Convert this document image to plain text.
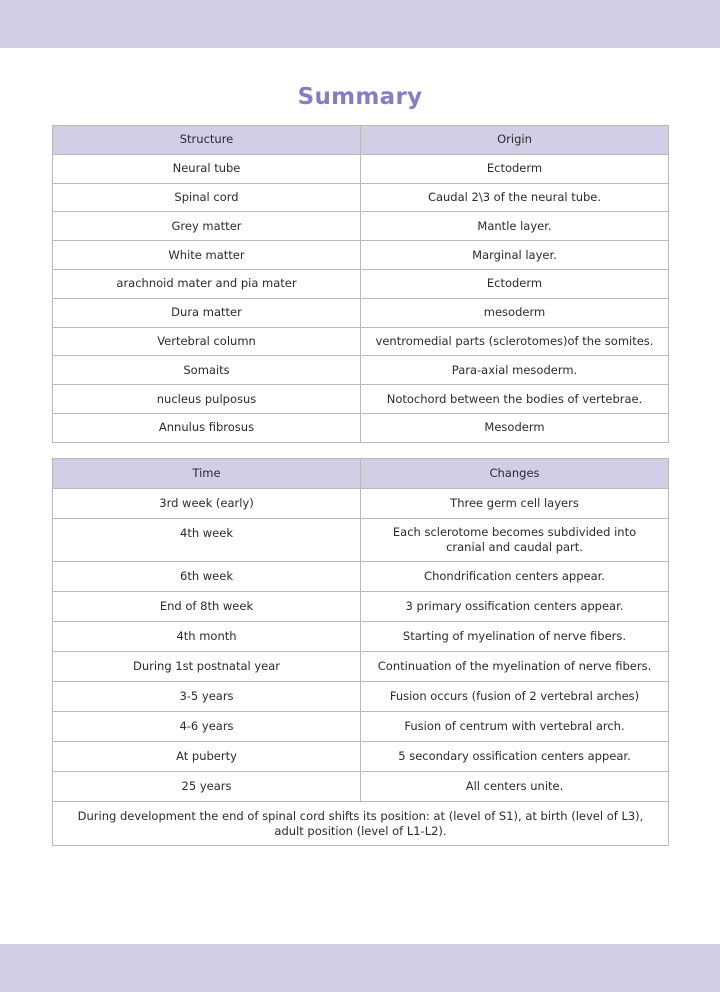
Summary
Structure	Origin
Neural tube	Ectoderm
Spinal cord	Caudal 2\3 of the neural tube.
Grey matter	Mantle layer.
White matter	Marginal layer.
arachnoid mater and pia mater	Ectoderm
Dura matter	mesoderm
Vertebral column	ventromedial parts (sclerotomes)of the somites.
Somaits	Para-axial mesoderm.
nucleus pulposus	Notochord between the bodies of vertebrae.
Annulus fibrosus	Mesoderm
Time	Changes
3rd week (early)	Three germ cell layers
4th week	Each sclerotome becomes subdivided into cranial and caudal part.
6th week	Chondrification centers appear.
End of 8th week	3 primary ossification centers appear.
4th month	Starting of myelination of nerve fibers.
During 1st postnatal year	Continuation of the myelination of nerve fibers.
3-5 years	Fusion occurs (fusion of 2 vertebral arches)
4-6 years	Fusion of centrum with vertebral arch.
At puberty	5 secondary ossification centers appear.
25 years	All centers unite.
During development the end of spinal cord shifts its position: at (level of S1), at birth (level of L3), adult position (level of L1-L2).	
